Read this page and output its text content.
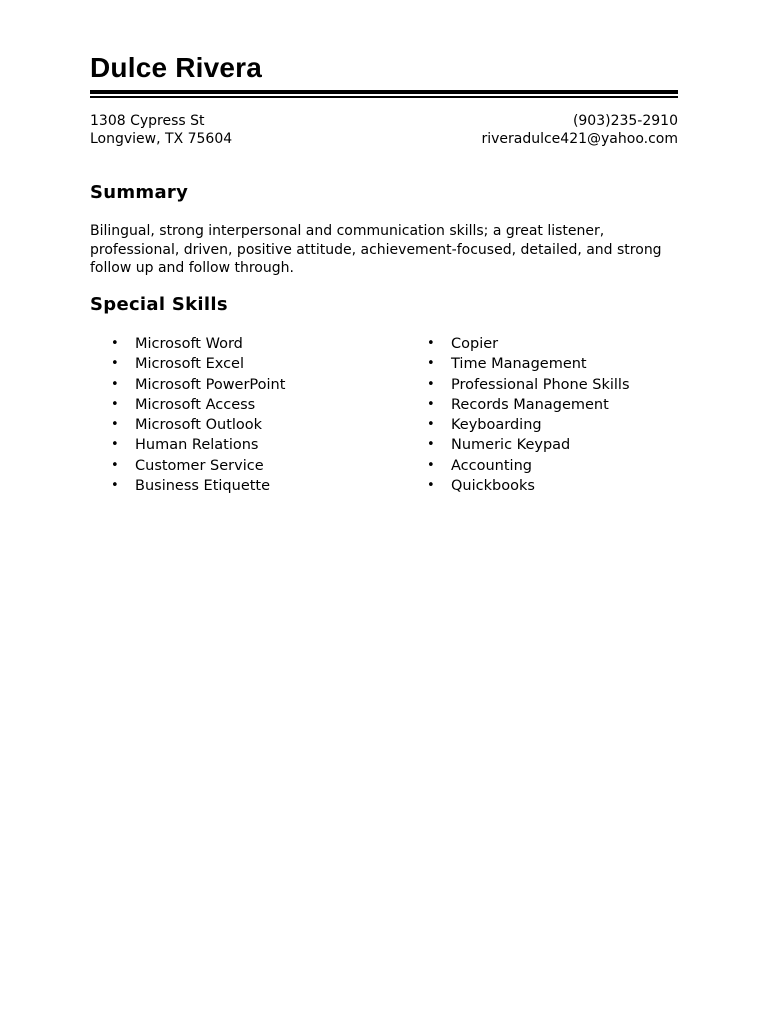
Dulce Rivera
1308 Cypress St
Longview, TX 75604
(903)235-2910
riveradulce421@yahoo.com
Summary

Bilingual, strong interpersonal and communication skills; a great listener, professional, driven, positive attitude, achievement-focused, detailed, and strong follow up and follow through.

Special Skills
• Microsoft Word
• Microsoft Excel
• Microsoft PowerPoint
• Microsoft Access
• Microsoft Outlook
• Human Relations
• Customer Service
• Business Etiquette
• Copier
• Time Management
• Professional Phone Skills
• Records Management
• Keyboarding
• Numeric Keypad
• Accounting
• Quickbooks
